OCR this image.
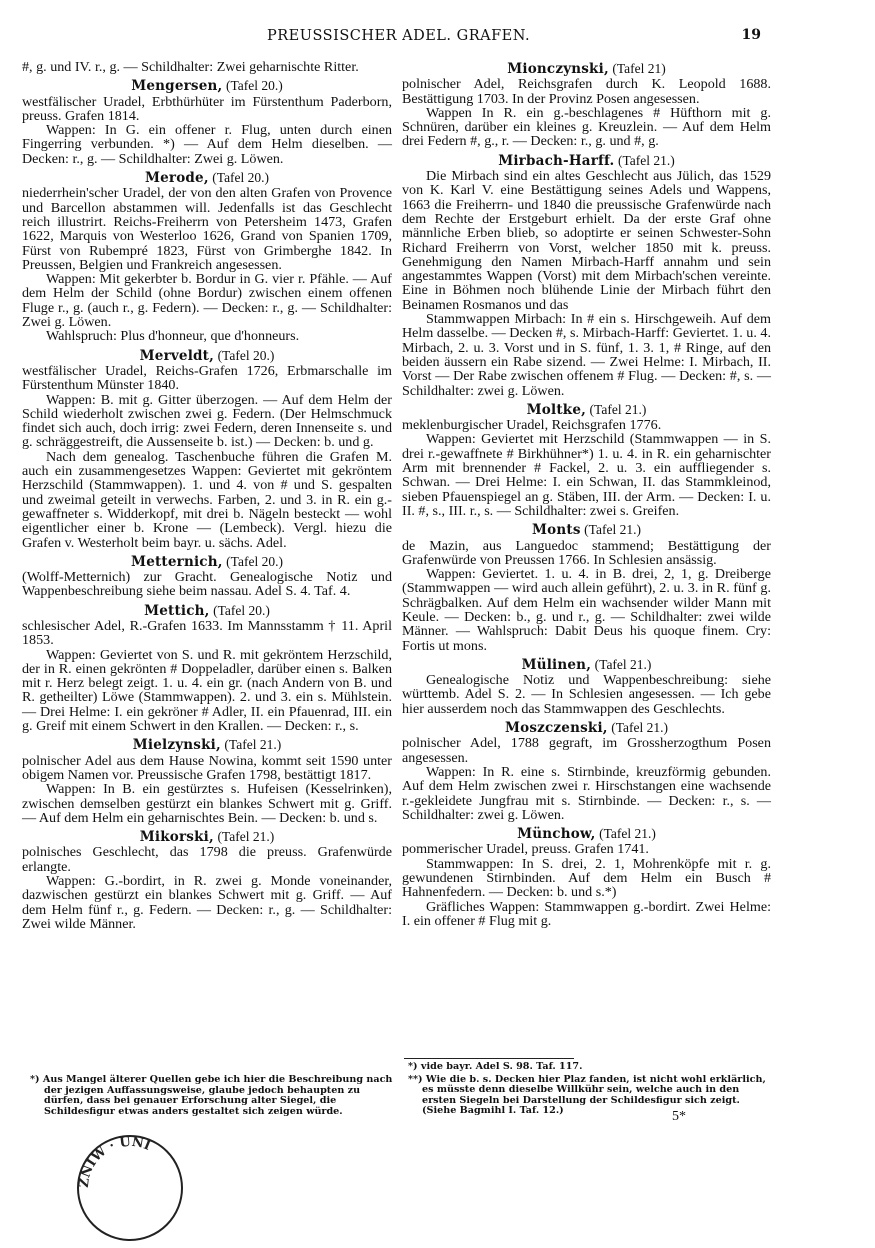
PREUSSISCHER ADEL. GRAFEN.	19

#, g. und IV. r., g. — Schildhalter: Zwei geharnischte Ritter.

Mengersen, (Tafel 20.)

westfälischer Uradel, Erbthürhüter im Fürstenthum Paderborn, preuss. Grafen 1814.

Wappen: In G. ein offener r. Flug, unten durch einen Fingerring verbunden. *) — Auf dem Helm dieselben. — Decken: r., g. — Schildhalter: Zwei g. Löwen.

Merode, (Tafel 20.)

niederrhein'scher Uradel, der von den alten Grafen von Provence und Barcellon abstammen will. Jedenfalls ist das Geschlecht reich illustrirt. Reichs-Freiherrn von Petersheim 1473, Grafen 1622, Marquis von Westerloo 1626, Grand von Spanien 1709, Fürst von Rubempré 1823, Fürst von Grimberghe 1842. In Preussen, Belgien und Frankreich angesessen.

Wappen: Mit gekerbter b. Bordur in G. vier r. Pfähle. — Auf dem Helm der Schild (ohne Bordur) zwischen einem offenen Fluge r., g. (auch r., g. Federn). — Decken: r., g. — Schildhalter: Zwei g. Löwen.

Wahlspruch: Plus d'honneur, que d'honneurs.

Merveldt, (Tafel 20.)

westfälischer Uradel, Reichs-Grafen 1726, Erbmarschalle im Fürstenthum Münster 1840.

Wappen: B. mit g. Gitter überzogen. — Auf dem Helm der Schild wiederholt zwischen zwei g. Federn. (Der Helmschmuck findet sich auch, doch irrig: zwei Federn, deren Innenseite s. und g. schräggestreift, die Aussenseite b. ist.) — Decken: b. und g.

Nach dem genealog. Taschenbuche führen die Grafen M. auch ein zusammengesetzes Wappen: Geviertet mit gekröntem Herzschild (Stammwappen). 1. und 4. von # und S. gespalten und zweimal geteilt in verwechs. Farben, 2. und 3. in R. ein g.-gewaffneter s. Widderkopf, mit drei b. Nägeln besteckt — wohl eigentlicher einer b. Krone — (Lembeck). Vergl. hiezu die Grafen v. Westerholt beim bayr. u. sächs. Adel.

Metternich, (Tafel 20.)

(Wolff-Metternich) zur Gracht. Genealogische Notiz und Wappenbeschreibung siehe beim nassau. Adel S. 4. Taf. 4.

Mettich, (Tafel 20.)

schlesischer Adel, R.-Grafen 1633. Im Mannsstamm † 11. April 1853.

Wappen: Geviertet von S. und R. mit gekröntem Herzschild, der in R. einen gekrönten # Doppeladler, darüber einen s. Balken mit r. Herz belegt zeigt. 1. u. 4. ein gr. (nach Andern von B. und R. getheilter) Löwe (Stammwappen). 2. und 3. ein s. Mühlstein. — Drei Helme: I. ein gekröner # Adler, II. ein Pfauenrad, III. ein g. Greif mit einem Schwert in den Krallen. — Decken: r., s.

Mielzynski, (Tafel 21.)

polnischer Adel aus dem Hause Nowina, kommt seit 1590 unter obigem Namen vor. Preussische Grafen 1798, bestättigt 1817.

Wappen: In B. ein gestürztes s. Hufeisen (Kesselrinken), zwischen demselben gestürzt ein blankes Schwert mit g. Griff. — Auf dem Helm ein geharnischtes Bein. — Decken: b. und s.

Mikorski, (Tafel 21.)

polnisches Geschlecht, das 1798 die preuss. Grafenwürde erlangte.

Wappen: G.-bordirt, in R. zwei g. Monde voneinander, dazwischen gestürzt ein blankes Schwert mit g. Griff. — Auf dem Helm fünf r., g. Federn. — Decken: r., g. — Schildhalter: Zwei wilde Männer.

Mionczynski, (Tafel 21)

polnischer Adel, Reichsgrafen durch K. Leopold 1688. Bestättigung 1703. In der Provinz Posen angesessen.

Wappen In R. ein g.-beschlagenes # Hüfthorn mit g. Schnüren, darüber ein kleines g. Kreuzlein. — Auf dem Helm drei Federn #, g., r. — Decken: r., g. und #, g.

Mirbach-Harff. (Tafel 21.)

Die Mirbach sind ein altes Geschlecht aus Jülich, das 1529 von K. Karl V. eine Bestättigung seines Adels und Wappens, 1663 die Freiherrn- und 1840 die preussische Grafenwürde nach dem Rechte der Erstgeburt erhielt. Da der erste Graf ohne männliche Erben blieb, so adoptirte er seinen Schwester-Sohn Richard Freiherrn von Vorst, welcher 1850 mit k. preuss. Genehmigung den Namen Mirbach-Harff annahm und sein angestammtes Wappen (Vorst) mit dem Mirbach'schen vereinte. Eine in Böhmen noch blühende Linie der Mirbach führt den Beinamen Rosmanos und das

Stammwappen Mirbach: In # ein s. Hirschgeweih. Auf dem Helm dasselbe. — Decken #, s. Mirbach-Harff: Geviertet. 1. u. 4. Mirbach, 2. u. 3. Vorst und in S. fünf, 1. 3. 1, # Ringe, auf den beiden äussern ein Rabe sizend. — Zwei Helme: I. Mirbach, II. Vorst — Der Rabe zwischen offenem # Flug. — Decken: #, s. — Schildhalter: zwei g. Löwen.

Moltke, (Tafel 21.)

meklenburgischer Uradel, Reichsgrafen 1776.

Wappen: Geviertet mit Herzschild (Stammwappen — in S. drei r.-gewaffnete # Birkhühner*) 1. u. 4. in R. ein geharnischter Arm mit brennender # Fackel, 2. u. 3. ein auffliegender s. Schwan. — Drei Helme: I. ein Schwan, II. das Stammkleinod, sieben Pfauenspiegel an g. Stäben, III. der Arm. — Decken: I. u. II. #, s., III. r., s. — Schildhalter: zwei s. Greifen.

Monts (Tafel 21.)

de Mazin, aus Languedoc stammend; Bestättigung der Grafenwürde von Preussen 1766. In Schlesien ansässig.

Wappen: Geviertet. 1. u. 4. in B. drei, 2, 1, g. Dreiberge (Stammwappen — wird auch allein geführt), 2. u. 3. in R. fünf g. Schrägbalken. Auf dem Helm ein wachsender wilder Mann mit Keule. — Decken: b., g. und r., g. — Schildhalter: zwei wilde Männer. — Wahlspruch: Dabit Deus his quoque finem. Cry: Fortis ut mons.

Mülinen, (Tafel 21.)

Genealogische Notiz und Wappenbeschreibung: siehe württemb. Adel S. 2. — In Schlesien angesessen. — Ich gebe hier ausserdem noch das Stammwappen des Geschlechts.

Moszczenski, (Tafel 21.)

polnischer Adel, 1788 gegraft, im Grossherzogthum Posen angesessen.

Wappen: In R. eine s. Stirnbinde, kreuzförmig gebunden. Auf dem Helm zwischen zwei r. Hirschstangen eine wachsende r.-gekleidete Jungfrau mit s. Stirnbinde. — Decken: r., s. — Schildhalter: zwei g. Löwen.

Münchow, (Tafel 21.)

pommerischer Uradel, preuss. Grafen 1741.

Stammwappen: In S. drei, 2. 1, Mohrenköpfe mit r. g. gewundenen Stirnbinden. Auf dem Helm ein Busch # Hahnenfedern. — Decken: b. und s.*)

Gräfliches Wappen: Stammwappen g.-bordirt. Zwei Helme: I. ein offener # Flug mit g.

*) Aus Mangel älterer Quellen gebe ich hier die Beschreibung nach der jezigen Auffassungsweise, glaube jedoch behaupten zu dürfen, dass bei genauer Erforschung alter Siegel, die Schildesfigur etwas anders gestaltet sich zeigen würde.

*) vide bayr. Adel S. 98. Taf. 117.

**) Wie die b. s. Decken hier Plaz fanden, ist nicht wohl erklärlich, es müsste denn dieselbe Willkühr sein, welche auch in den ersten Siegeln bei Darstellung der Schildesfigur sich zeigt. (Siehe Bagmihl I. Taf. 12.)	5*
ZNIW · UNI
